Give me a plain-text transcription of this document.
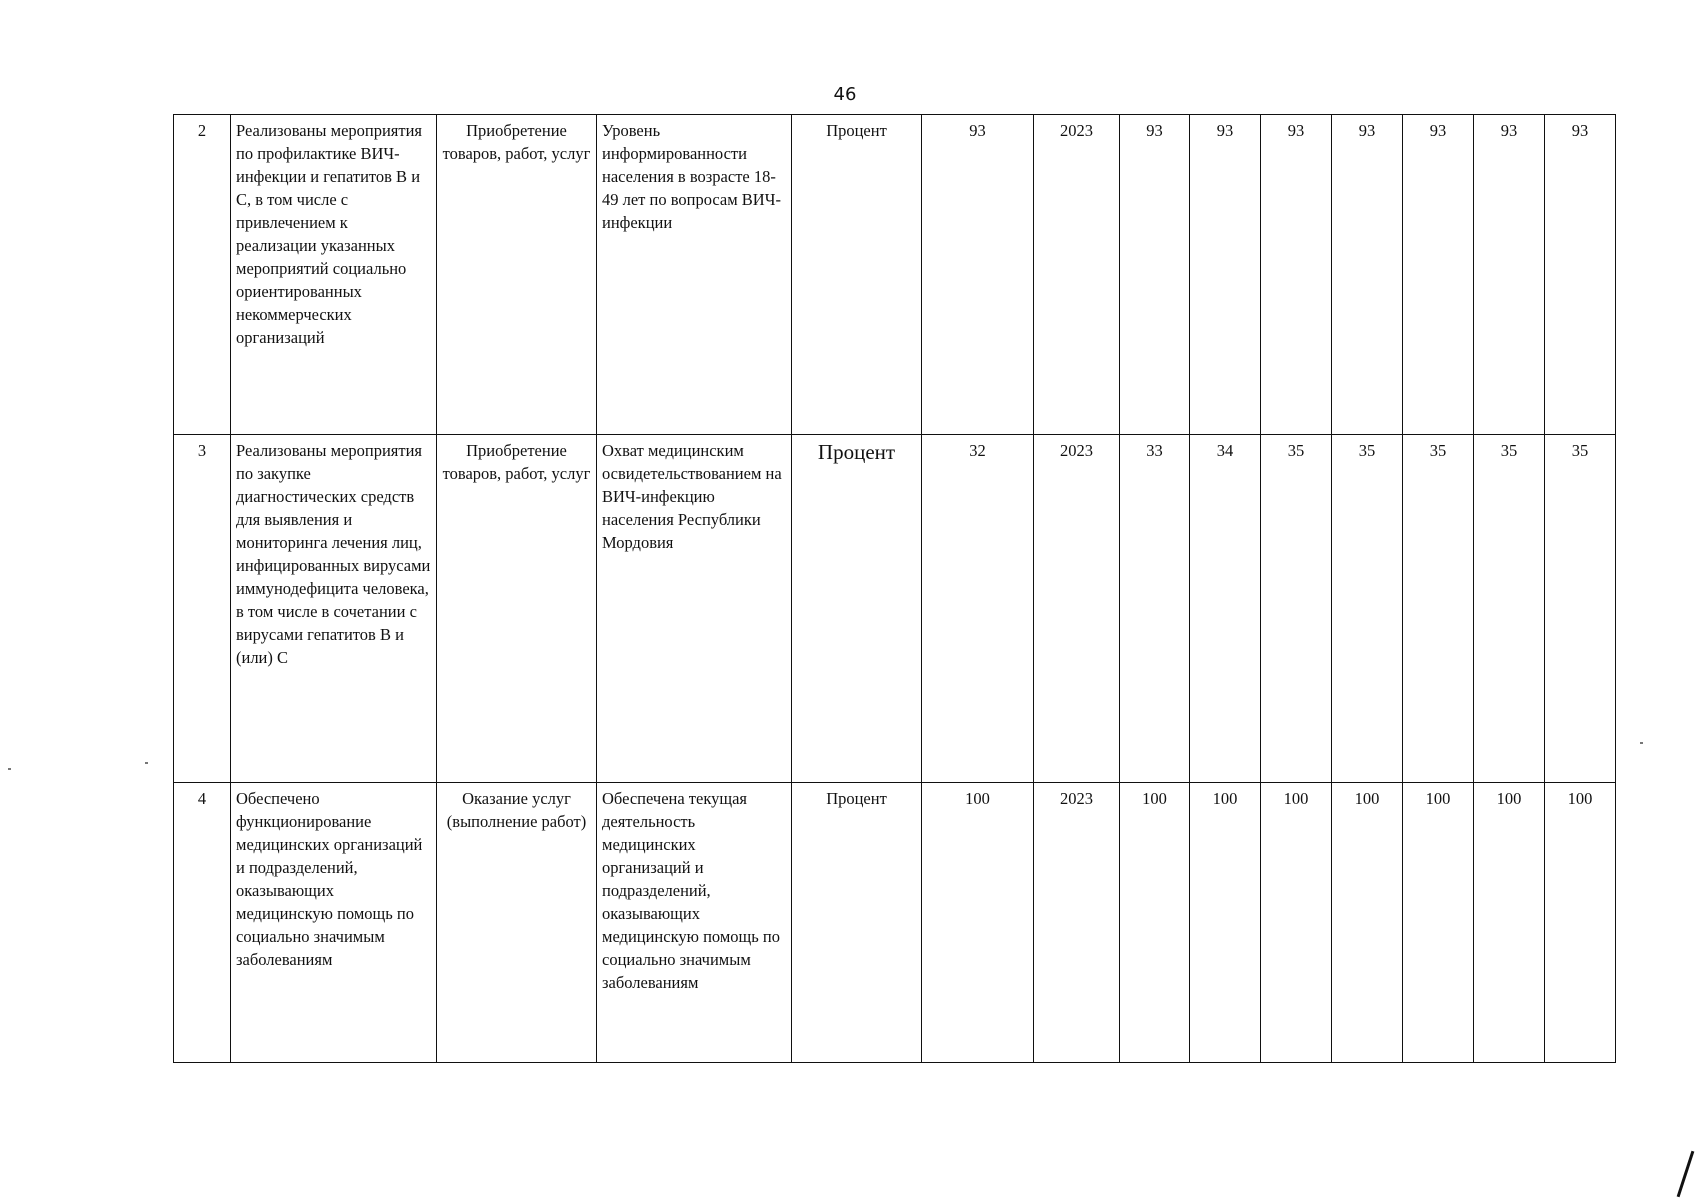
46
2	Реализованы мероприятия по профилактике ВИЧ-инфекции и гепатитов В и С, в том числе с привлечением к реализации указанных мероприятий социально ориентированных некоммерческих организаций	Приобретение товаров, работ, услуг	Уровень информированности населения в возрасте 18-49 лет по вопросам ВИЧ-инфекции	Процент	93	2023	93	93	93	93	93	93	93
3	Реализованы мероприятия по закупке диагностических средств для выявления и мониторинга лечения лиц, инфицированных вирусами иммунодефицита человека, в том числе в сочетании с вирусами гепатитов В и (или) С	Приобретение товаров, работ, услуг	Охват медицинским освидетельствованием на ВИЧ-инфекцию населения Республики Мордовия	Процент	32	2023	33	34	35	35	35	35	35
4	Обеспечено функционирование медицинских организаций и подразделений, оказывающих медицинскую помощь по социально значимым заболеваниям	Оказание услуг (выполнение работ)	Обеспечена текущая деятельность медицинских организаций и подразделений, оказывающих медицинскую помощь по социально значимым заболеваниям	Процент	100	2023	100	100	100	100	100	100	100
